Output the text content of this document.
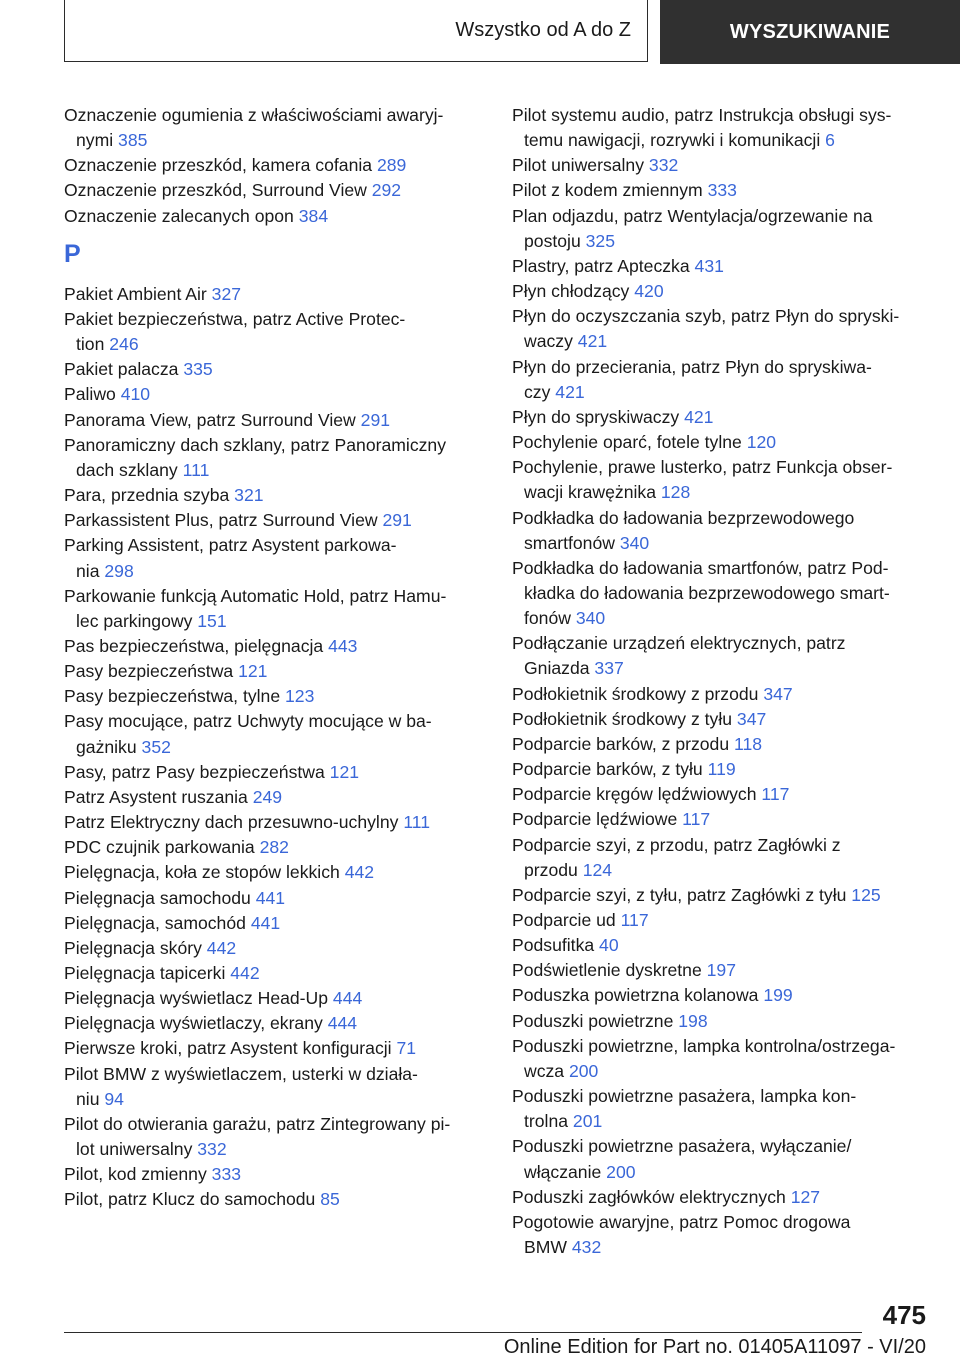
Wszystko od A do Z	WYSZUKIWANIE

Oznaczenie ogumienia z właściwościami awaryj-
nymi 385

Oznaczenie przeszkód, kamera cofania 289

Oznaczenie przeszkód, Surround View 292

Oznaczenie zalecanych opon 384

P

Pakiet Ambient Air 327

Pakiet bezpieczeństwa, patrz Active Protec-
tion 246

Pakiet palacza 335

Paliwo 410

Panorama View, patrz Surround View 291

Panoramiczny dach szklany, patrz Panoramiczny
dach szklany 111

Para, przednia szyba 321

Parkassistent Plus, patrz Surround View 291

Parking Assistent, patrz Asystent parkowa-
nia 298

Parkowanie funkcją Automatic Hold, patrz Hamu-
lec parkingowy 151

Pas bezpieczeństwa, pielęgnacja 443

Pasy bezpieczeństwa 121

Pasy bezpieczeństwa, tylne 123

Pasy mocujące, patrz Uchwyty mocujące w ba-
gażniku 352

Pasy, patrz Pasy bezpieczeństwa 121

Patrz Asystent ruszania 249

Patrz Elektryczny dach przesuwno-uchylny 111

PDC czujnik parkowania 282

Pielęgnacja, koła ze stopów lekkich 442

Pielęgnacja samochodu 441

Pielęgnacja, samochód 441

Pielęgnacja skóry 442

Pielęgnacja tapicerki 442

Pielęgnacja wyświetlacz Head-Up 444

Pielęgnacja wyświetlaczy, ekrany 444

Pierwsze kroki, patrz Asystent konfiguracji 71

Pilot BMW z wyświetlaczem, usterki w działa-
niu 94

Pilot do otwierania garażu, patrz Zintegrowany pi-
lot uniwersalny 332

Pilot, kod zmienny 333

Pilot, patrz Klucz do samochodu 85

Pilot systemu audio, patrz Instrukcja obsługi sys-
temu nawigacji, rozrywki i komunikacji 6

Pilot uniwersalny 332

Pilot z kodem zmiennym 333

Plan odjazdu, patrz Wentylacja/ogrzewanie na
postoju 325

Plastry, patrz Apteczka 431

Płyn chłodzący 420

Płyn do oczyszczania szyb, patrz Płyn do spryski-
waczy 421

Płyn do przecierania, patrz Płyn do spryskiwa-
czy 421

Płyn do spryskiwaczy 421

Pochylenie oparć, fotele tylne 120

Pochylenie, prawe lusterko, patrz Funkcja obser-
wacji krawężnika 128

Podkładka do ładowania bezprzewodowego
smartfonów 340

Podkładka do ładowania smartfonów, patrz Pod-
kładka do ładowania bezprzewodowego smart-
fonów 340

Podłączanie urządzeń elektrycznych, patrz
Gniazda 337

Podłokietnik środkowy z przodu 347

Podłokietnik środkowy z tyłu 347

Podparcie barków, z przodu 118

Podparcie barków, z tyłu 119

Podparcie kręgów lędźwiowych 117

Podparcie lędźwiowe 117

Podparcie szyi, z przodu, patrz Zagłówki z
przodu 124

Podparcie szyi, z tyłu, patrz Zagłówki z tyłu 125

Podparcie ud 117

Podsufitka 40

Podświetlenie dyskretne 197

Poduszka powietrzna kolanowa 199

Poduszki powietrzne 198

Poduszki powietrzne, lampka kontrolna/ostrzega-
wcza 200

Poduszki powietrzne pasażera, lampka kon-
trolna 201

Poduszki powietrzne pasażera, wyłączanie/
włączanie 200

Poduszki zagłówków elektrycznych 127

Pogotowie awaryjne, patrz Pomoc drogowa
BMW 432

475
Online Edition for Part no. 01405A11097 - VI/20
